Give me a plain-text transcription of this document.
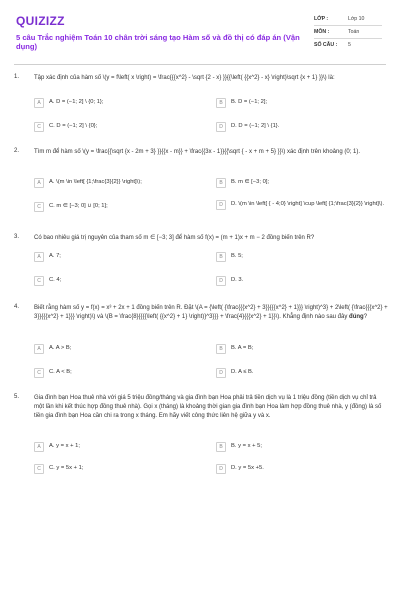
QUIZIZZ
5 câu Trắc nghiệm Toán 10 chân trời sáng tạo Hàm số và đồ thị có đáp án (Vận dụng)
LỚP :	Lớp 10
MÔN :	Toán
SỐ CÂU :	5
1. Tập xác định của hàm số \(y = f\left( x \right) = \frac{{{x^2} - \sqrt {2 - x} }}{{\left( {{x^2} - x} \right)\sqrt {x + 1} }}\) là:
A	A. D = (−1; 2] \ {0; 1};	B	B. D = (−1; 2];
C	C. D = (−1; 2] \ {0};	D	D. D = (−1; 2] \ {1}.
2. Tìm m để hàm số \(y = \frac{{\sqrt {x - 2m + 3} }}{{x - m}} + \frac{{3x - 1}}{{\sqrt { - x + m + 5} }}\) xác định trên khoảng (0; 1).
A	A. \(m \in \left[ {1;\frac{3}{2}} \right]\);	B	B. m ∈ [−3; 0];
C	C. m ∈ [−3; 0] ∪ [0; 1];	D	D. \(m \in \left[ { - 4;0} \right] \cup \left[ {1;\frac{3}{2}} \right]\).
3. Có bao nhiêu giá trị nguyên của tham số m ∈ [−3; 3] để hàm số f(x) = (m + 1)x + m − 2 đồng biến trên R?
A	A. 7;	B	B. 5;
C	C. 4;	D	D. 3.
4. Biết rằng hàm số y = f(x) = x³ + 2x + 1 đồng biến trên R. Đặt \(A = {\left( {\frac{{{x^2} + 3}}{{{x^2} + 1}}} \right)^3} + 2\left( {\frac{{{x^2} + 3}}{{{x^2} + 1}}} \right)\) và \(B = \frac{8}{{{{\left( {{x^2} + 1} \right)}^3}}} + \frac{4}{{{x^2} + 1}}\). Khẳng định nào sau đây đúng?
A	A. A > B;	B	B. A = B;
C	C. A < B;	D	D. A ≤ B.
5. Gia đình bạn Hoa thuê nhà với giá 5 triệu đồng/tháng và gia đình bạn Hoa phải trả tiền dịch vụ là 1 triệu đồng (tiền dịch vụ chỉ trả một lần khi kết thúc hợp đồng thuê nhà). Gọi x (tháng) là khoảng thời gian gia đình bạn Hoa làm hợp đồng thuê nhà, y (đồng) là số tiền gia đình bạn Hoa cần chi ra trong x tháng. Em hãy viết công thức liên hệ giữa y và x.
A	A. y = x + 1;	B	B. y = x + 5;
C	C. y = 5x + 1;	D	D. y = 5x +5.
